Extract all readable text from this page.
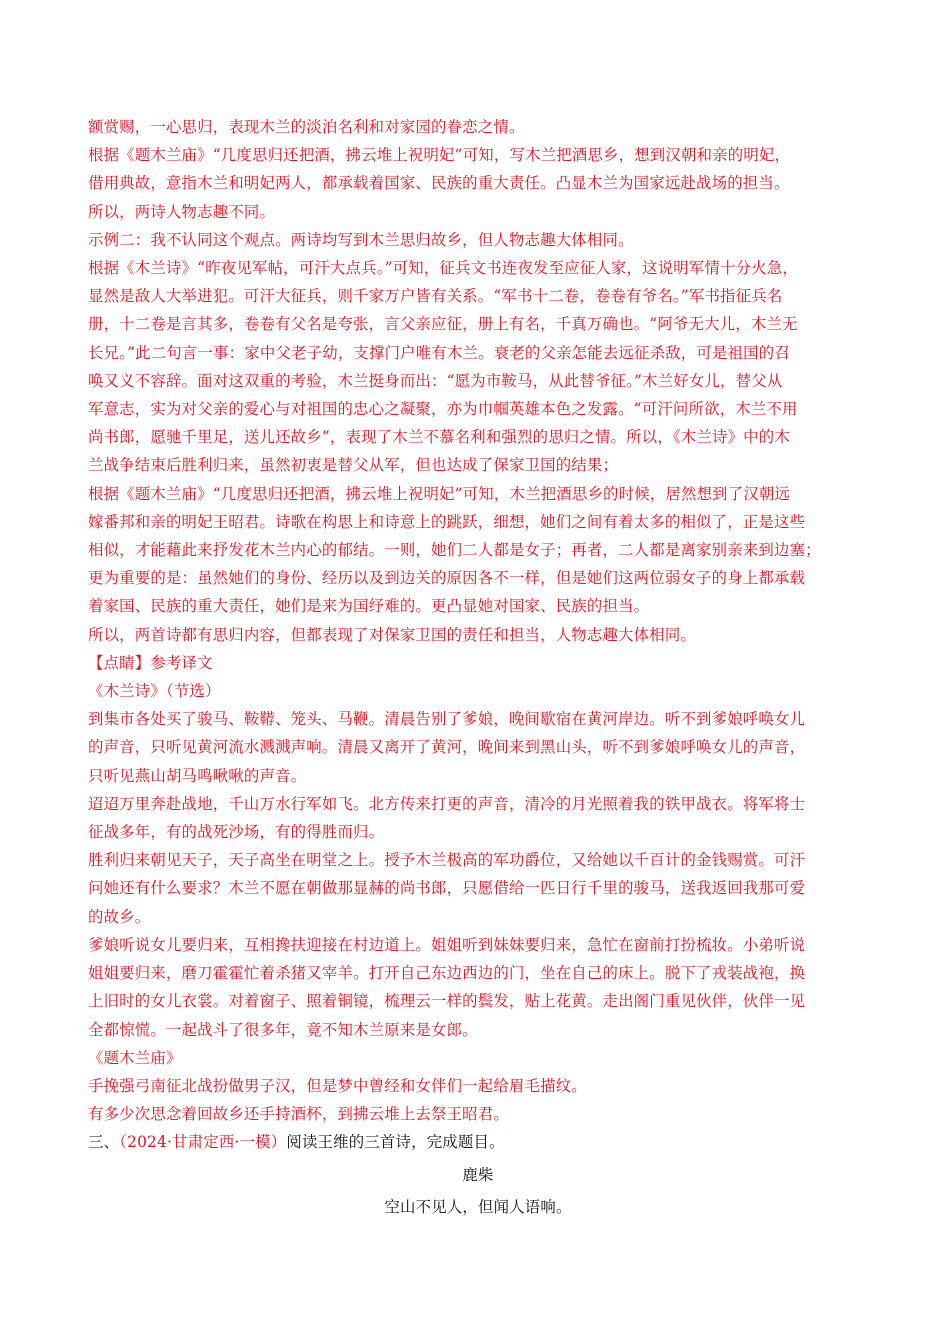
额赏赐，一心思归，表现木兰的淡泊名利和对家园的眷恋之情。
根据《题木兰庙》“几度思归还把酒，拂云堆上祝明妃”可知，写木兰把酒思乡，想到汉朝和亲的明妃，
借用典故，意指木兰和明妃两人，都承载着国家、民族的重大责任。凸显木兰为国家远赴战场的担当。
所以，两诗人物志趣不同。
示例二：我不认同这个观点。两诗均写到木兰思归故乡，但人物志趣大体相同。
根据《木兰诗》“昨夜见军帖，可汗大点兵。”可知，征兵文书连夜发至应征人家，这说明军情十分火急，
显然是敌人大举进犯。可汗大征兵，则千家万户皆有关系。“军书十二卷，卷卷有爷名。”军书指征兵名
册，十二卷是言其多，卷卷有父名是夸张，言父亲应征，册上有名，千真万确也。“阿爷无大儿，木兰无
长兄。”此二句言一事：家中父老子幼，支撑门户唯有木兰。衰老的父亲怎能去远征杀敌，可是祖国的召
唤又义不容辞。面对这双重的考验，木兰挺身而出：“愿为市鞍马，从此替爷征。”木兰好女儿，替父从
军意志，实为对父亲的爱心与对祖国的忠心之凝聚，亦为巾帼英雄本色之发露。“可汗问所欲，木兰不用
尚书郎，愿驰千里足，送儿还故乡”，表现了木兰不慕名利和强烈的思归之情。所以，《木兰诗》中的木
兰战争结束后胜利归来，虽然初衷是替父从军，但也达成了保家卫国的结果；
根据《题木兰庙》“几度思归还把酒，拂云堆上祝明妃”可知，木兰把酒思乡的时候，居然想到了汉朝远
嫁番邦和亲的明妃王昭君。诗歌在构思上和诗意上的跳跃，细想，她们之间有着太多的相似了，正是这些
相似，才能藉此来抒发花木兰内心的郁结。一则，她们二人都是女子；再者，二人都是离家别亲来到边塞；
更为重要的是：虽然她们的身份、经历以及到边关的原因各不一样，但是她们这两位弱女子的身上都承载
着家国、民族的重大责任，她们是来为国纾难的。更凸显她对国家、民族的担当。
所以，两首诗都有思归内容，但都表现了对保家卫国的责任和担当，人物志趣大体相同。
【点睛】参考译文
《木兰诗》（节选）
到集市各处买了骏马、鞍鞯、笼头、马鞭。清晨告别了爹娘，晚间歇宿在黄河岸边。听不到爹娘呼唤女儿
的声音，只听见黄河流水溅溅声响。清晨又离开了黄河，晚间来到黑山头，听不到爹娘呼唤女儿的声音，
只听见燕山胡马鸣啾啾的声音。
迢迢万里奔赴战地，千山万水行军如飞。北方传来打更的声音，清冷的月光照着我的铁甲战衣。将军将士
征战多年，有的战死沙场，有的得胜而归。
胜利归来朝见天子，天子高坐在明堂之上。授予木兰极高的军功爵位，又给她以千百计的金钱赐赏。可汗
问她还有什么要求？木兰不愿在朝做那显赫的尚书郎，只愿借给一匹日行千里的骏马，送我返回我那可爱
的故乡。
爹娘听说女儿要归来，互相搀扶迎接在村边道上。姐姐听到妹妹要归来，急忙在窗前打扮梳妆。小弟听说
姐姐要归来，磨刀霍霍忙着杀猪又宰羊。打开自己东边西边的门，坐在自己的床上。脱下了戎装战袍，换
上旧时的女儿衣裳。对着窗子、照着铜镜，梳理云一样的鬓发，贴上花黄。走出阁门重见伙伴，伙伴一见
全都惊慌。一起战斗了很多年，竟不知木兰原来是女郎。
《题木兰庙》
手挽强弓南征北战扮做男子汉，但是梦中曾经和女伴们一起给眉毛描纹。
有多少次思念着回故乡还手持酒杯，到拂云堆上去祭王昭君。
三、（2024·甘肃定西·一模）阅读王维的三首诗，完成题目。
鹿柴
空山不见人，但闻人语响。
